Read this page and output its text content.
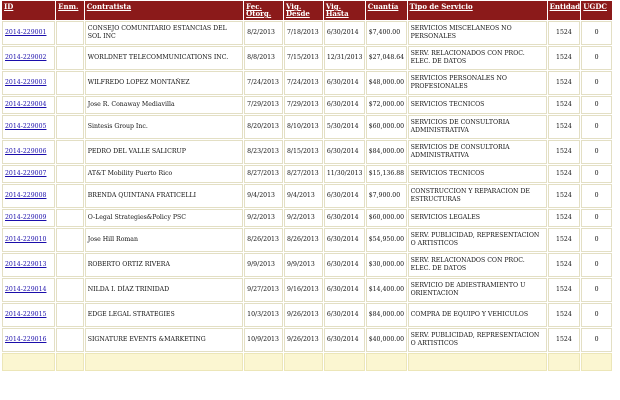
ID	Enm.	Contratista	Fec. Otorg.	Vig. Desde	Vig. Hasta	Cuantía	Tipo de Servicio	Entidad	UGDC
2014-229001		CONSEJO COMUNITARIO ESTANCIAS DEL SOL INC	8/2/2013	7/18/2013	6/30/2014	$7,400.00	SERVICIOS MISCELANEOS NO PERSONALES	1524	0
2014-229002		WORLDNET TELECOMMUNICATIONS INC.	8/8/2013	7/15/2013	12/31/2013	$27,048.64	SERV. RELACIONADOS CON PROC. ELEC. DE DATOS	1524	0
2014-229003		WILFREDO LOPEZ MONTAÑEZ	7/24/2013	7/24/2013	6/30/2014	$48,000.00	SERVICIOS PERSONALES NO PROFESIONALES	1524	0
2014-229004		Jose R. Conaway Mediavilla	7/29/2013	7/29/2013	6/30/2014	$72,000.00	SERVICIOS TECNICOS	1524	0
2014-229005		Sintesis Group Inc.	8/20/2013	8/10/2013	5/30/2014	$60,000.00	SERVICIOS DE CONSULTORIA ADMINISTRATIVA	1524	0
2014-229006		PEDRO DEL VALLE SALICRUP	8/23/2013	8/15/2013	6/30/2014	$84,000.00	SERVICIOS DE CONSULTORIA ADMINISTRATIVA	1524	0
2014-229007		AT&T Mobility Puerto Rico	8/27/2013	8/27/2013	11/30/2013	$15,136.88	SERVICIOS TECNICOS	1524	0
2014-229008		BRENDA QUINTANA FRATICELLI	9/4/2013	9/4/2013	6/30/2014	$7,900.00	CONSTRUCCION Y REPARACION DE ESTRUCTURAS	1524	0
2014-229009		O-Legal Strategies&Policy PSC	9/2/2013	9/2/2013	6/30/2014	$60,000.00	SERVICIOS LEGALES	1524	0
2014-229010		Jose Hill Roman	8/26/2013	8/26/2013	6/30/2014	$54,950.00	SERV. PUBLICIDAD, REPRESENTACION O ARTISTICOS	1524	0
2014-229013		ROBERTO ORTIZ RIVERA	9/9/2013	9/9/2013	6/30/2014	$30,000.00	SERV. RELACIONADOS CON PROC. ELEC. DE DATOS	1524	0
2014-229014		NILDA I. DÍAZ TRINIDAD	9/27/2013	9/16/2013	6/30/2014	$14,400.00	SERVICIO DE ADIESTRAMIENTO U ORIENTACION	1524	0
2014-229015		EDGE LEGAL STRATEGIES	10/3/2013	9/26/2013	6/30/2014	$84,000.00	COMPRA DE EQUIPO Y VEHICULOS	1524	0
2014-229016		SIGNATURE EVENTS &MARKETING	10/9/2013	9/26/2013	6/30/2014	$40,000.00	SERV. PUBLICIDAD, REPRESENTACION O ARTISTICOS	1524	0
